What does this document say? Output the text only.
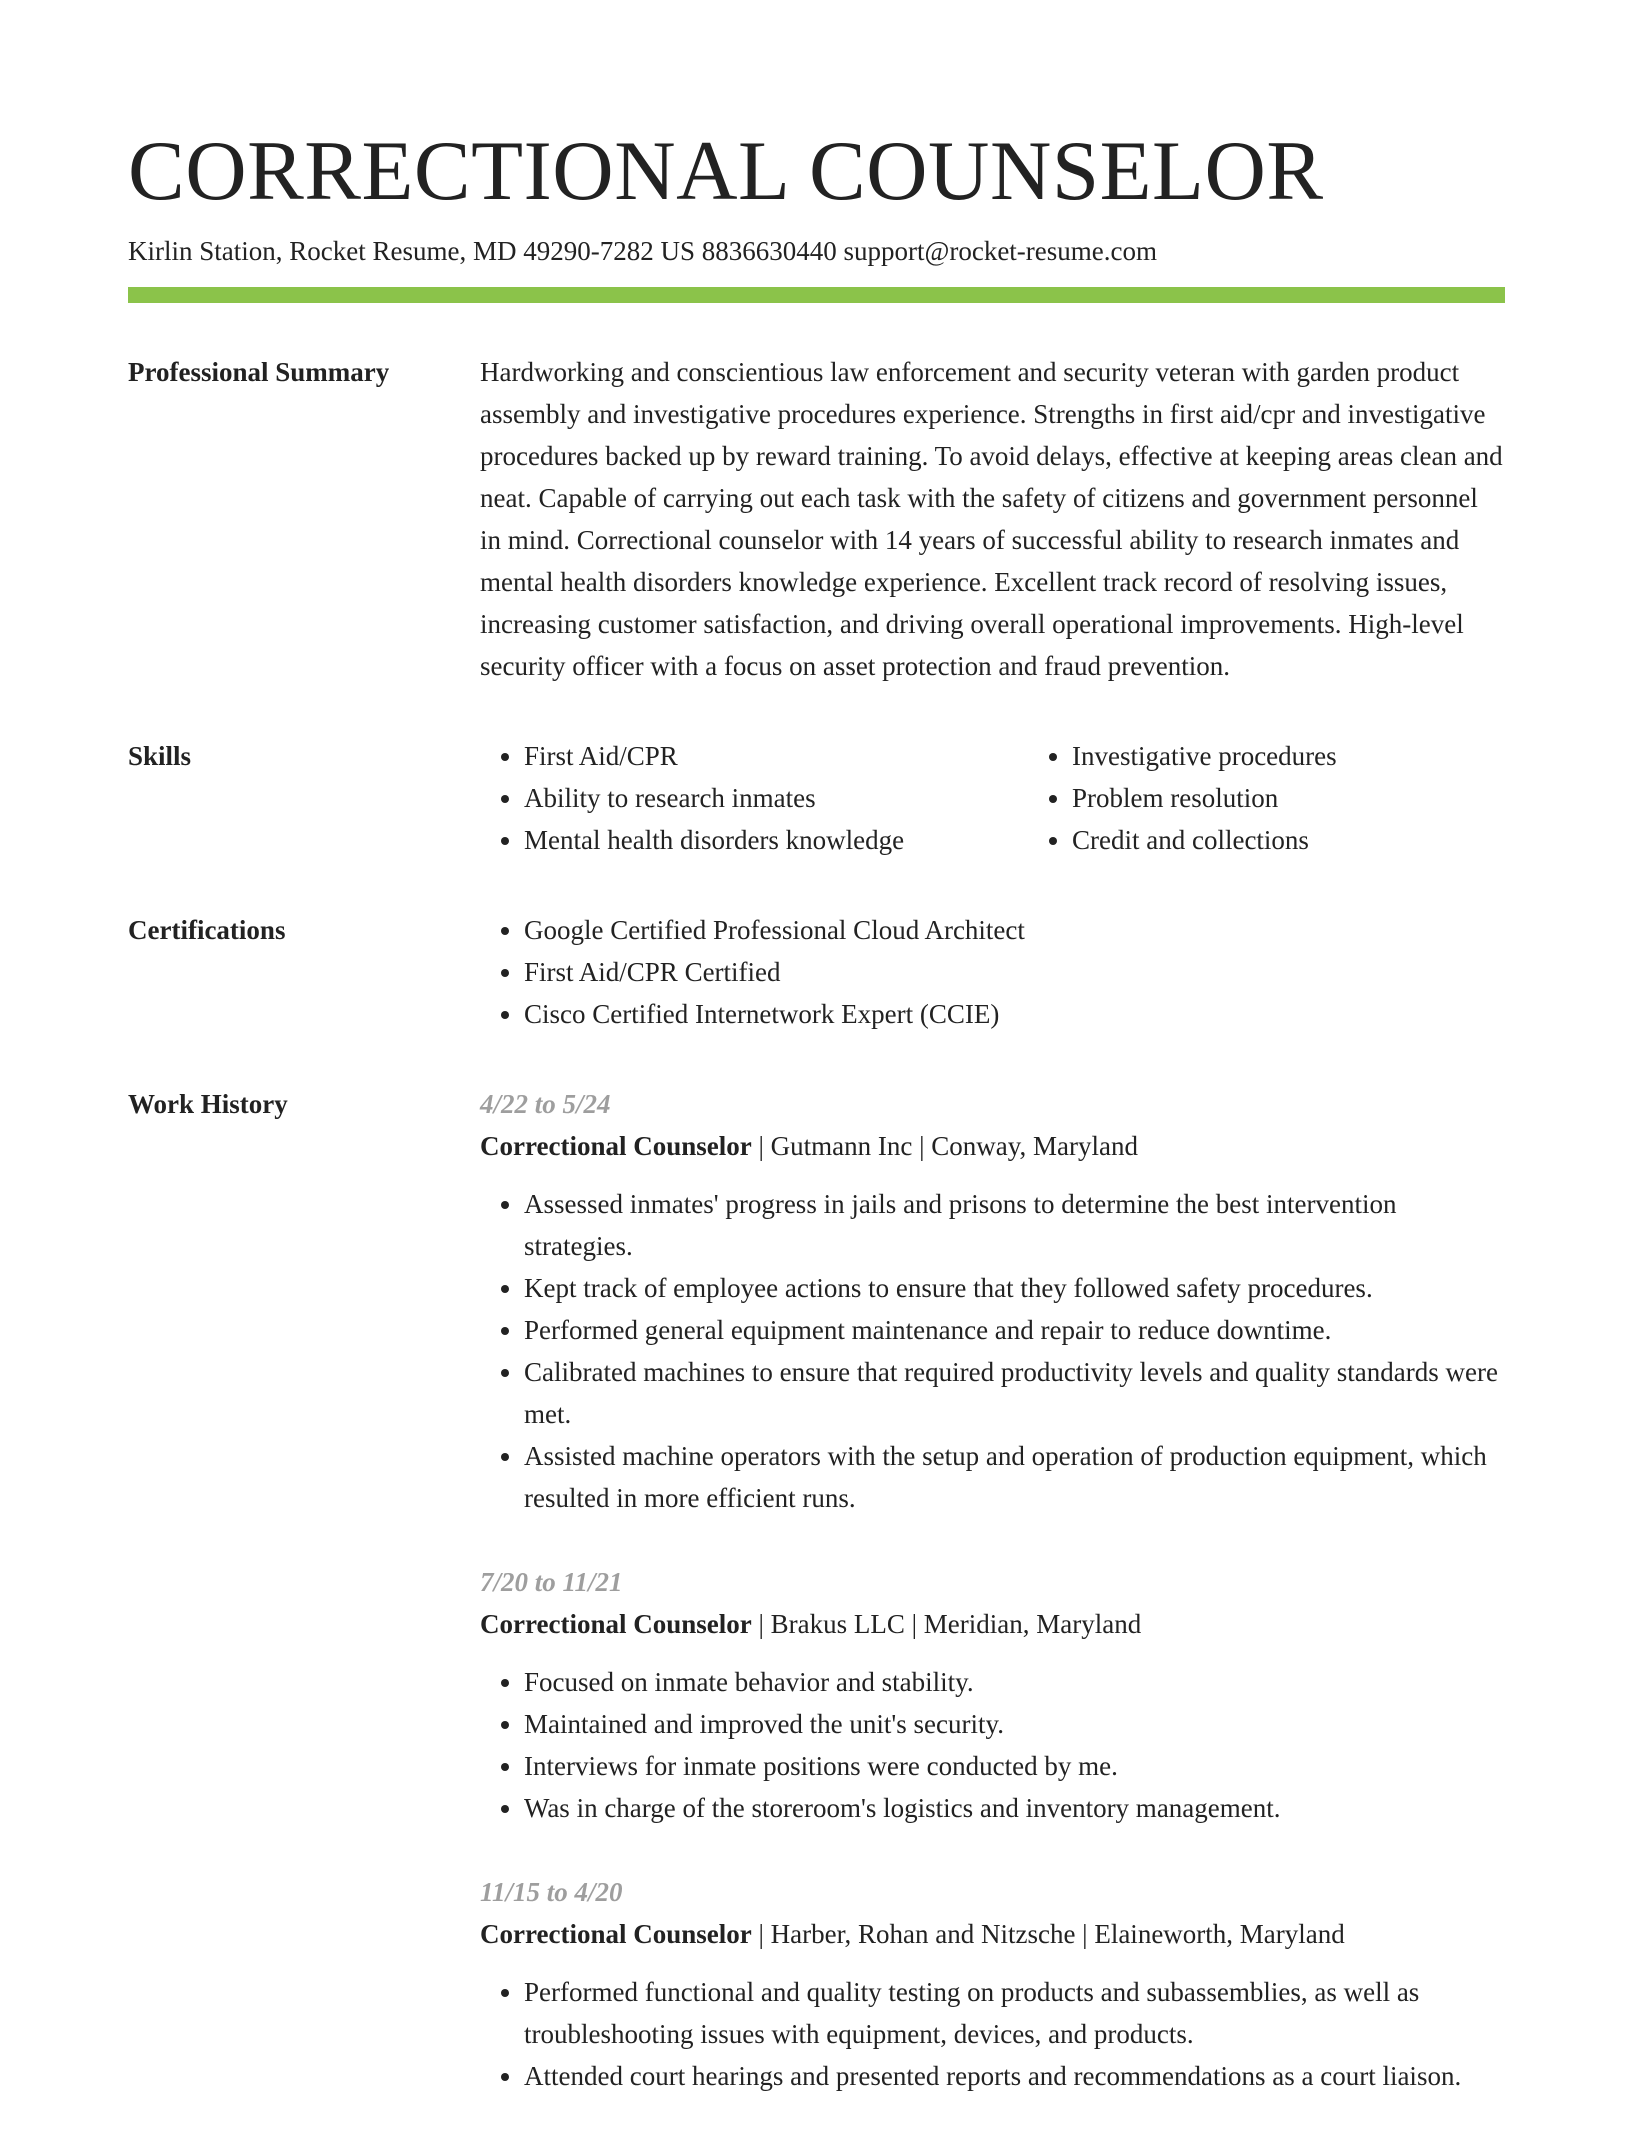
CORRECTIONAL COUNSELOR
Kirlin Station, Rocket Resume, MD 49290-7282 US 8836630440 support@rocket-resume.com
Professional Summary	Hardworking and conscientious law enforcement and security veteran with garden product assembly and investigative procedures experience. Strengths in first aid/cpr and investigative procedures backed up by reward training. To avoid delays, effective at keeping areas clean and neat. Capable of carrying out each task with the safety of citizens and government personnel in mind. Correctional counselor with 14 years of successful ability to research inmates and mental health disorders knowledge experience. Excellent track record of resolving issues, increasing customer satisfaction, and driving overall operational improvements. High-level security officer with a focus on asset protection and fraud prevention.

Skills	• First Aid/CPR
• Ability to research inmates
• Mental health disorders knowledge
• Investigative procedures
• Problem resolution
• Credit and collections
Certifications	• Google Certified Professional Cloud Architect
• First Aid/CPR Certified
• Cisco Certified Internetwork Expert (CCIE)
Work History	4/22 to 5/24
Correctional Counselor | Gutmann Inc | Conway, Maryland
• Assessed inmates' progress in jails and prisons to determine the best intervention strategies.
• Kept track of employee actions to ensure that they followed safety procedures.
• Performed general equipment maintenance and repair to reduce downtime.
• Calibrated machines to ensure that required productivity levels and quality standards were met.
• Assisted machine operators with the setup and operation of production equipment, which resulted in more efficient runs.
7/20 to 11/21
Correctional Counselor | Brakus LLC | Meridian, Maryland
• Focused on inmate behavior and stability.
• Maintained and improved the unit's security.
• Interviews for inmate positions were conducted by me.
• Was in charge of the storeroom's logistics and inventory management.
11/15 to 4/20
Correctional Counselor | Harber, Rohan and Nitzsche | Elaineworth, Maryland
• Performed functional and quality testing on products and subassemblies, as well as troubleshooting issues with equipment, devices, and products.
• Attended court hearings and presented reports and recommendations as a court liaison.
